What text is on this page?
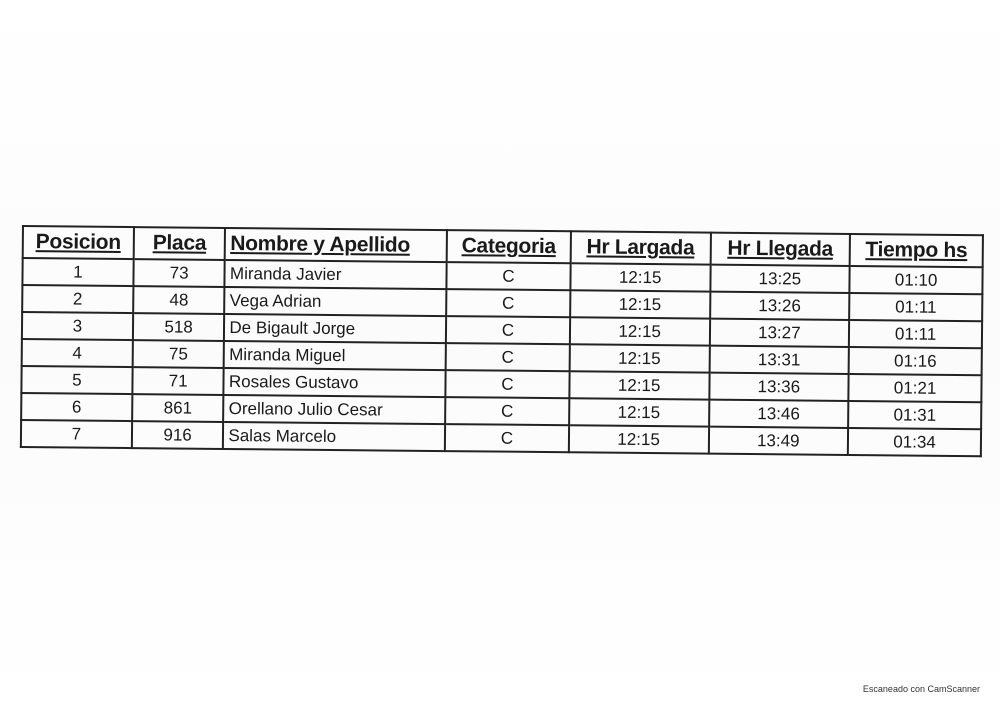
Posicion	Placa	Nombre y Apellido	Categoria	Hr Largada	Hr Llegada	Tiempo hs
1	73	Miranda Javier	C	12:15	13:25	01:10
2	48	Vega Adrian	C	12:15	13:26	01:11
3	518	De Bigault Jorge	C	12:15	13:27	01:11
4	75	Miranda Miguel	C	12:15	13:31	01:16
5	71	Rosales Gustavo	C	12:15	13:36	01:21
6	861	Orellano Julio Cesar	C	12:15	13:46	01:31
7	916	Salas Marcelo	C	12:15	13:49	01:34
Escaneado con CamScanner
